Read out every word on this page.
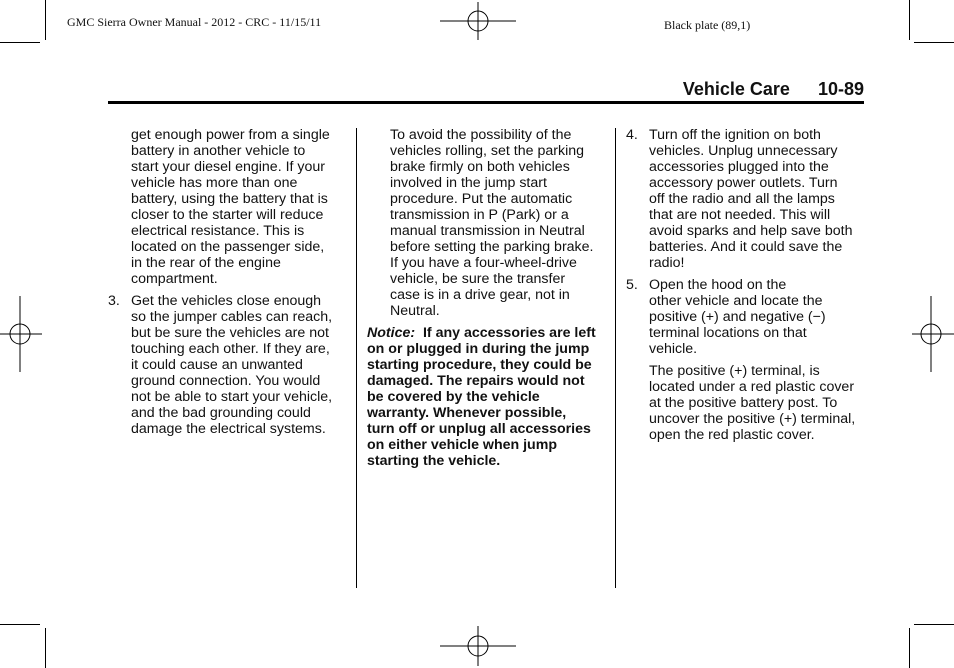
GMC Sierra Owner Manual - 2012 - CRC - 11/15/11	Black plate (89,1)
Vehicle Care 10-89

get enough power from a single

battery in another vehicle to

start your diesel engine. If your

vehicle has more than one

battery, using the battery that is

closer to the starter will reduce

electrical resistance. This is

located on the passenger side,

in the rear of the engine

compartment.

3. Get the vehicles close enough

so the jumper cables can reach,

but be sure the vehicles are not

touching each other. If they are,

it could cause an unwanted

ground connection. You would

not be able to start your vehicle,

and the bad grounding could

damage the electrical systems.

To avoid the possibility of the

vehicles rolling, set the parking

brake firmly on both vehicles

involved in the jump start

procedure. Put the automatic

transmission in P (Park) or a

manual transmission in Neutral

before setting the parking brake.

If you have a four-wheel-drive

vehicle, be sure the transfer

case is in a drive gear, not in

Neutral.

Notice: If any accessories are left

on or plugged in during the jump

starting procedure, they could be

damaged. The repairs would not

be covered by the vehicle

warranty. Whenever possible,

turn off or unplug all accessories

on either vehicle when jump

starting the vehicle.

4. Turn off the ignition on both

vehicles. Unplug unnecessary

accessories plugged into the

accessory power outlets. Turn

off the radio and all the lamps

that are not needed. This will

avoid sparks and help save both

batteries. And it could save the

radio!

5. Open the hood on the

other vehicle and locate the

positive (+) and negative (−)

terminal locations on that

vehicle.

The positive (+) terminal, is

located under a red plastic cover

at the positive battery post. To

uncover the positive (+) terminal,

open the red plastic cover.
